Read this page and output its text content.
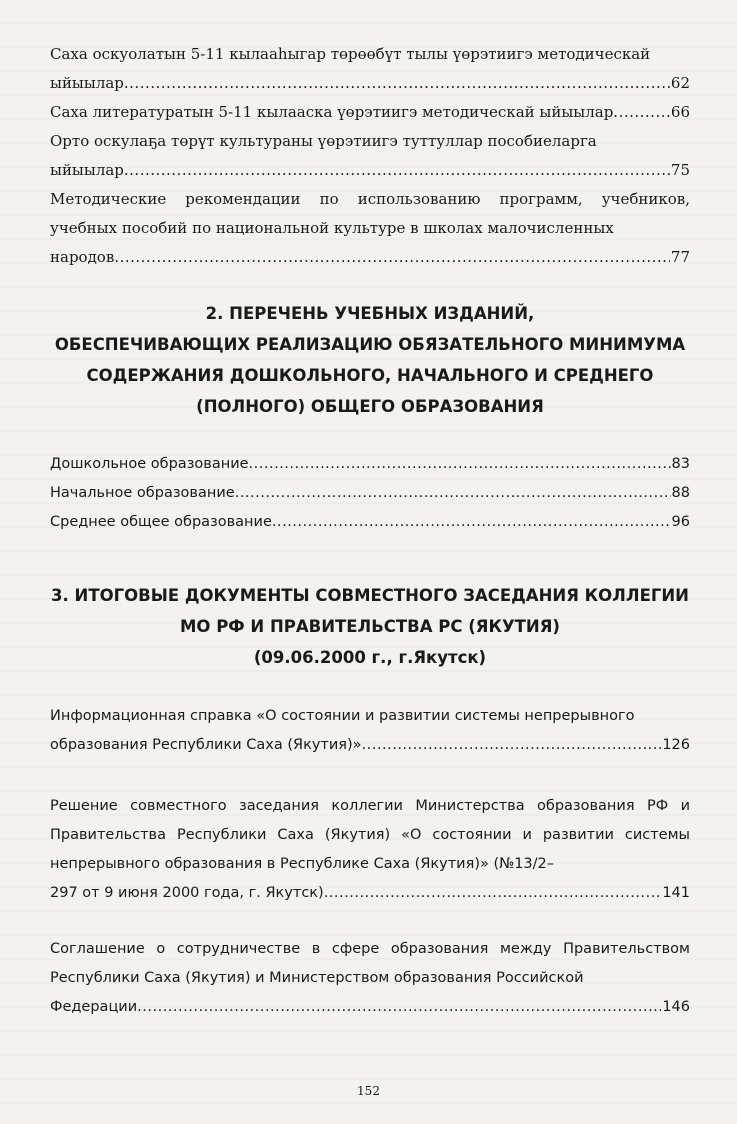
Саха оскуолатын 5-11 кылааһыгар төрөөбүт тылы үөрэтиигэ методическай

ыйыылар .....	62
Саха литературатын 5-11 кылааска үөрэтиигэ методическай ыйыылар .....	66

Орто оскулаҕа төрүт культураны үөрэтиигэ туттуллар пособиеларга

ыйыылар .....	75

Методические рекомендации по использованию программ, учебников, учебных пособий по национальной культуре в школах малочисленных

народов .....	77
2. ПЕРЕЧЕНЬ УЧЕБНЫХ ИЗДАНИЙ,
ОБЕСПЕЧИВАЮЩИХ РЕАЛИЗАЦИЮ ОБЯЗАТЕЛЬНОГО МИНИМУМА
СОДЕРЖАНИЯ ДОШКОЛЬНОГО, НАЧАЛЬНОГО И СРЕДНЕГО
(ПОЛНОГО) ОБЩЕГО ОБРАЗОВАНИЯ
Дошкольное образование .....	83
Начальное образование .....	88
Среднее общее образование .....	96
3. ИТОГОВЫЕ ДОКУМЕНТЫ СОВМЕСТНОГО ЗАСЕДАНИЯ КОЛЛЕГИИ
МО РФ И ПРАВИТЕЛЬСТВА РС (ЯКУТИЯ)
(09.06.2000 г., г.Якутск)

Информационная справка «О состоянии и развитии системы непрерывного

образования Республики Саха (Якутия)» .....	126

Решение совместного заседания коллегии Министерства образования РФ и Правительства Республики Саха (Якутия) «О состоянии и развитии системы непрерывного образования в Республике Саха (Якутия)» (№13/2–

297 от 9 июня 2000 года, г. Якутск) .....	141

Соглашение о сотрудничестве в сфере образования между Правительством Республики Саха (Якутия) и Министерством образования Российской

Федерации .....	146
152
